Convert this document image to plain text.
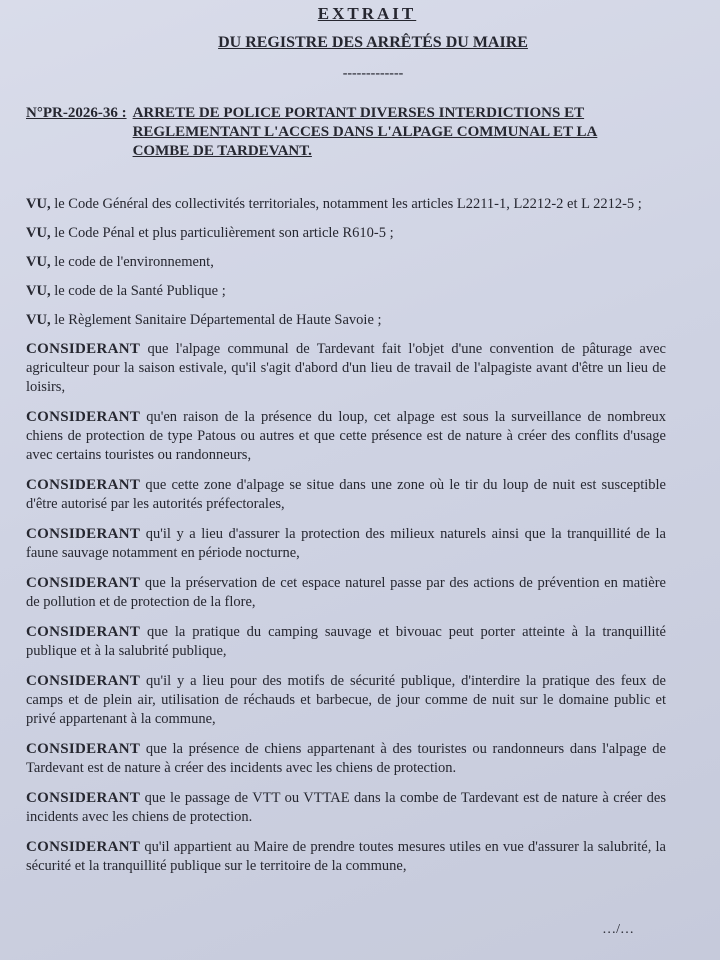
EXTRAIT
DU REGISTRE DES ARRÊTÉS DU MAIRE
-------------
N°PR-2026-36 : ARRETE DE POLICE PORTANT DIVERSES INTERDICTIONS ET REGLEMENTANT L'ACCES DANS L'ALPAGE COMMUNAL ET LA COMBE DE TARDEVANT.

VU, le Code Général des collectivités territoriales, notamment les articles L2211-1, L2212-2 et L 2212-5 ;

VU, le Code Pénal et plus particulièrement son article R610-5 ;

VU, le code de l'environnement,

VU, le code de la Santé Publique ;

VU, le Règlement Sanitaire Départemental de Haute Savoie ;

CONSIDERANT que l'alpage communal de Tardevant fait l'objet d'une convention de pâturage avec agriculteur pour la saison estivale, qu'il s'agit d'abord d'un lieu de travail de l'alpagiste avant d'être un lieu de loisirs,

CONSIDERANT qu'en raison de la présence du loup, cet alpage est sous la surveillance de nombreux chiens de protection de type Patous ou autres et que cette présence est de nature à créer des conflits d'usage avec certains touristes ou randonneurs,

CONSIDERANT que cette zone d'alpage se situe dans une zone où le tir du loup de nuit est susceptible d'être autorisé par les autorités préfectorales,

CONSIDERANT qu'il y a lieu d'assurer la protection des milieux naturels ainsi que la tranquillité de la faune sauvage notamment en période nocturne,

CONSIDERANT que la préservation de cet espace naturel passe par des actions de prévention en matière de pollution et de protection de la flore,

CONSIDERANT que la pratique du camping sauvage et bivouac peut porter atteinte à la tranquillité publique et à la salubrité publique,

CONSIDERANT qu'il y a lieu pour des motifs de sécurité publique, d'interdire la pratique des feux de camps et de plein air, utilisation de réchauds et barbecue, de jour comme de nuit sur le domaine public et privé appartenant à la commune,

CONSIDERANT que la présence de chiens appartenant à des touristes ou randonneurs dans l'alpage de Tardevant est de nature à créer des incidents avec les chiens de protection.

CONSIDERANT que le passage de VTT ou VTTAE dans la combe de Tardevant est de nature à créer des incidents avec les chiens de protection.

CONSIDERANT qu'il appartient au Maire de prendre toutes mesures utiles en vue d'assurer la salubrité, la sécurité et la tranquillité publique sur le territoire de la commune,

…/…
